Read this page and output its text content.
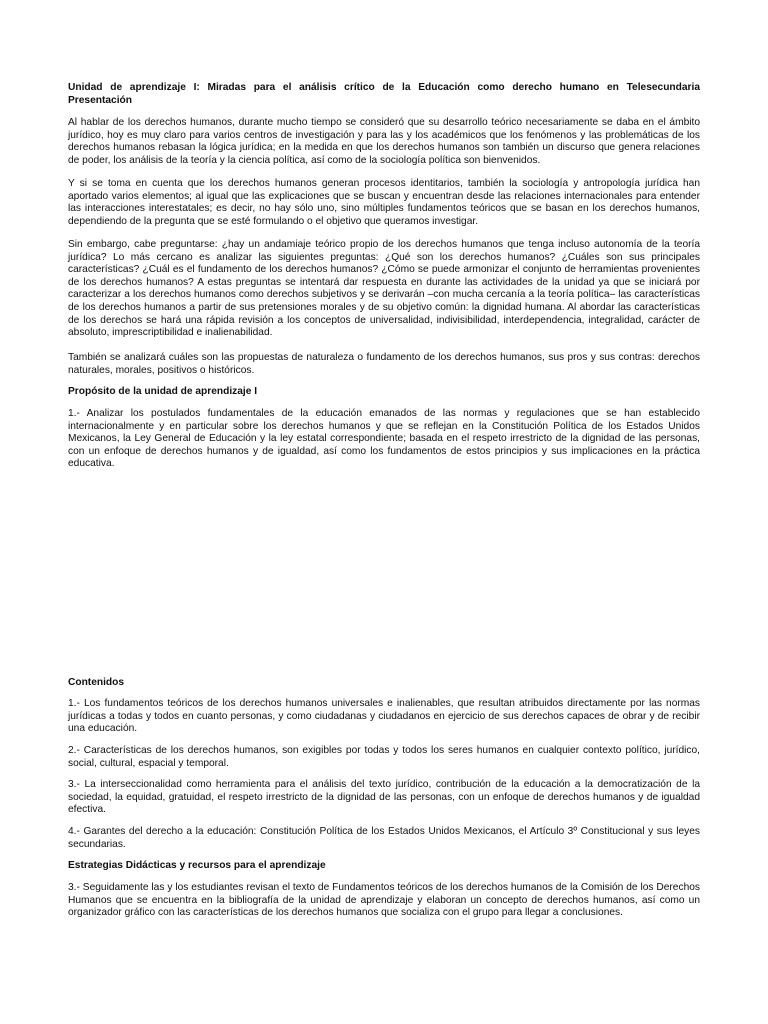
Unidad de aprendizaje I: Miradas para el análisis crítico de la Educación como derecho humano en Telesecundaria
Presentación
Al hablar de los derechos humanos, durante mucho tiempo se consideró que su desarrollo teórico necesariamente se daba en el ámbito jurídico, hoy es muy claro para varios centros de investigación y para las y los académicos que los fenómenos y las problemáticas de los derechos humanos rebasan la lógica jurídica; en la medida en que los derechos humanos son también un discurso que genera relaciones de poder, los análisis de la teoría y la ciencia política, así como de la sociología política son bienvenidos.
Y si se toma en cuenta que los derechos humanos generan procesos identitarios, también la sociología y antropología jurídica han aportado varios elementos; al igual que las explicaciones que se buscan y encuentran desde las relaciones internacionales para entender las interacciones interestatales; es decir, no hay sólo uno, sino múltiples fundamentos teóricos que se basan en los derechos humanos, dependiendo de la pregunta que se esté formulando o el objetivo que queramos investigar.
Sin embargo, cabe preguntarse: ¿hay un andamiaje teórico propio de los derechos humanos que tenga incluso autonomía de la teoría jurídica? Lo más cercano es analizar las siguientes preguntas: ¿Qué son los derechos humanos? ¿Cuáles son sus principales características? ¿Cuál es el fundamento de los derechos humanos? ¿Cómo se puede armonizar el conjunto de herramientas provenientes de los derechos humanos? A estas preguntas se intentará dar respuesta en durante las actividades de la unidad ya que se iniciará por caracterizar a los derechos humanos como derechos subjetivos y se derivarán –con mucha cercanía a la teoría política– las características de los derechos humanos a partir de sus pretensiones morales y de su objetivo común: la dignidad humana. Al abordar las características de los derechos se hará una rápida revisión a los conceptos de universalidad, indivisibilidad, interdependencia, integralidad, carácter de absoluto, imprescriptibilidad e inalienabilidad.
También se analizará cuáles son las propuestas de naturaleza o fundamento de los derechos humanos, sus pros y sus contras: derechos naturales, morales, positivos o históricos.
Propósito de la unidad de aprendizaje I
1.- Analizar los postulados fundamentales de la educación emanados de las normas y regulaciones que se han establecido internacionalmente y en particular sobre los derechos humanos y que se reflejan en la Constitución Política de los Estados Unidos Mexicanos, la Ley General de Educación y la ley estatal correspondiente; basada en el respeto irrestricto de la dignidad de las personas, con un enfoque de derechos humanos y de igualdad, así como los fundamentos de estos principios y sus implicaciones en la práctica educativa.
Contenidos
1.- Los fundamentos teóricos de los derechos humanos universales e inalienables, que resultan atribuidos directamente por las normas jurídicas a todas y todos en cuanto personas, y como ciudadanas y ciudadanos en ejercicio de sus derechos capaces de obrar y de recibir una educación.
2.- Características de los derechos humanos, son exigibles por todas y todos los seres humanos en cualquier contexto político, jurídico, social, cultural, espacial y temporal.
3.- La interseccionalidad como herramienta para el análisis del texto jurídico, contribución de la educación a la democratización de la sociedad, la equidad, gratuidad, el respeto irrestricto de la dignidad de las personas, con un enfoque de derechos humanos y de igualdad efectiva.
4.- Garantes del derecho a la educación: Constitución Política de los Estados Unidos Mexicanos, el Artículo 3º Constitucional y sus leyes secundarias.
Estrategias Didácticas y recursos para el aprendizaje
3.- Seguidamente las y los estudiantes revisan el texto de Fundamentos teóricos de los derechos humanos de la Comisión de los Derechos Humanos que se encuentra en la bibliografía de la unidad de aprendizaje y elaboran un concepto de derechos humanos, así como un organizador gráfico con las características de los derechos humanos que socializa con el grupo para llegar a conclusiones.
